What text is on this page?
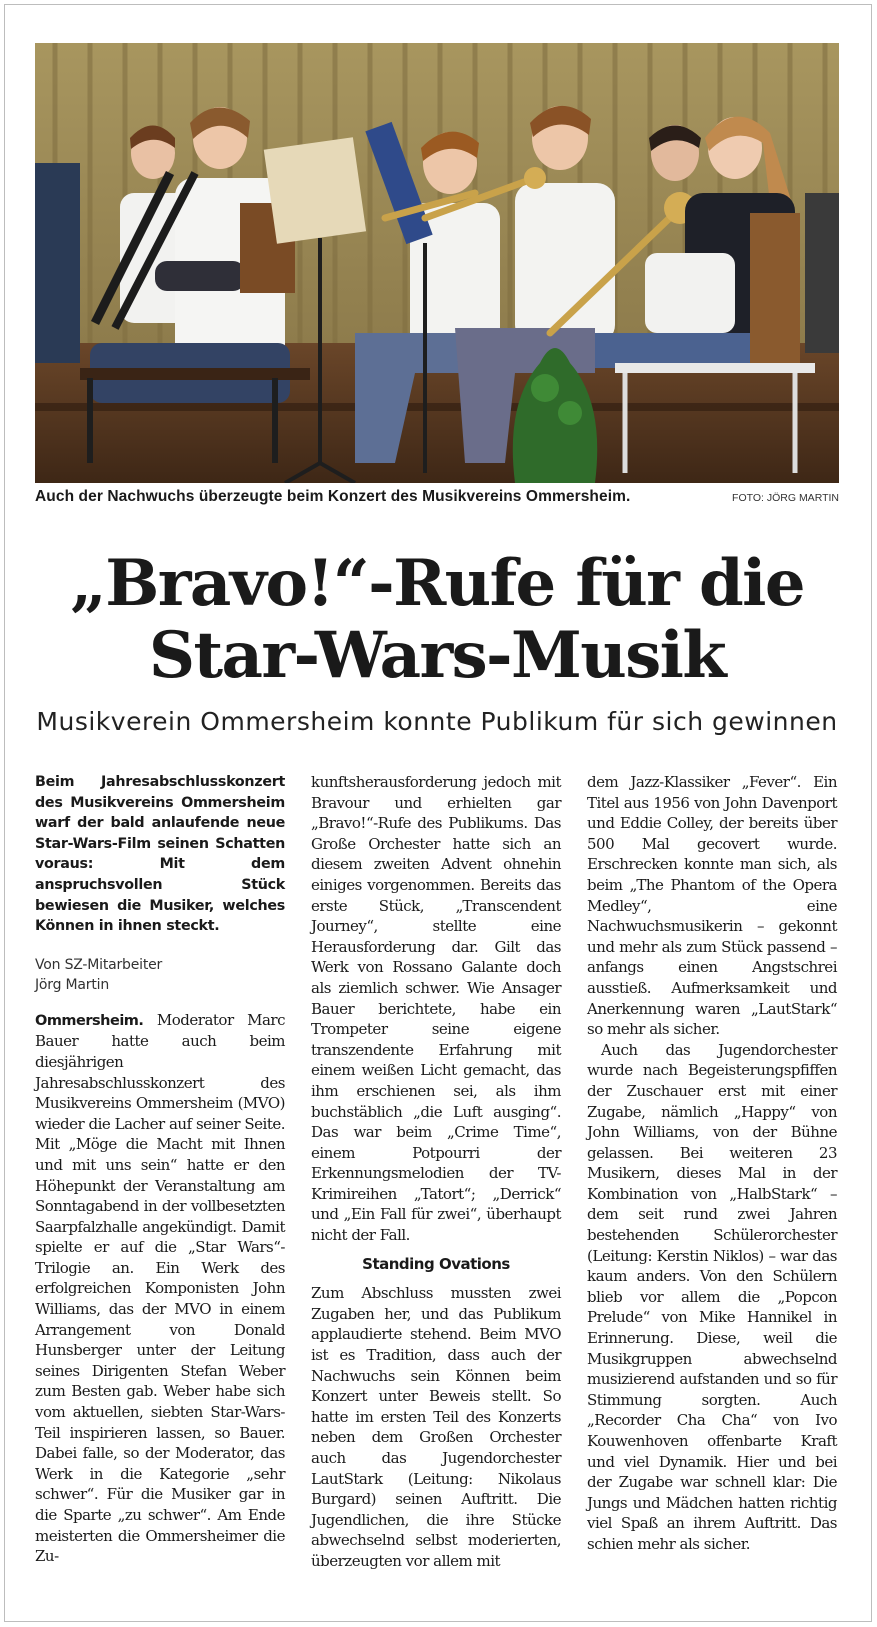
Auch der Nachwuchs überzeugte beim Konzert des Musikvereins Ommersheim.	FOTO: JÖRG MARTIN
„Bravo!“-Rufe für die
Star-Wars-Musik
Musikverein Ommersheim konnte Publikum für sich gewinnen

Beim Jahresabschlusskonzert des Musikvereins Ommersheim warf der bald anlaufende neue Star-Wars-Film seinen Schatten voraus: Mit dem anspruchsvollen Stück bewiesen die Musiker, welches Können in ihnen steckt.

Von SZ-Mitarbeiter
Jörg Martin

Ommersheim. Moderator Marc Bauer hatte auch beim diesjährigen Jahresabschlusskonzert des Musikvereins Ommersheim (MVO) wieder die Lacher auf seiner Seite. Mit „Möge die Macht mit Ihnen und mit uns sein“ hatte er den Höhepunkt der Veranstaltung am Sonntagabend in der vollbesetzten Saarpfalzhalle angekündigt. Damit spielte er auf die „Star Wars“-Trilogie an. Ein Werk des erfolgreichen Komponisten John Williams, das der MVO in einem Arrangement von Donald Hunsberger unter der Leitung seines Dirigenten Stefan Weber zum Besten gab. Weber habe sich vom aktuellen, siebten Star-Wars-Teil inspirieren lassen, so Bauer. Dabei falle, so der Moderator, das Werk in die Kategorie „sehr schwer“. Für die Musiker gar in die Sparte „zu schwer“. Am Ende meisterten die Ommersheimer die Zu-

kunftsherausforderung jedoch mit Bravour und erhielten gar „Bravo!“-Rufe des Publikums. Das Große Orchester hatte sich an diesem zweiten Advent ohnehin einiges vorgenommen. Bereits das erste Stück, „Transcendent Journey“, stellte eine Herausforderung dar. Gilt das Werk von Rossano Galante doch als ziemlich schwer. Wie Ansager Bauer berichtete, habe ein Trompeter seine eigene transzendente Erfahrung mit einem weißen Licht gemacht, das ihm erschienen sei, als ihm buchstäblich „die Luft ausging“. Das war beim „Crime Time“, einem Potpourri der Erkennungsmelodien der TV-Krimireihen „Tatort“; „Derrick“ und „Ein Fall für zwei“, überhaupt nicht der Fall.

Standing Ovations

Zum Abschluss mussten zwei Zugaben her, und das Publikum applaudierte stehend. Beim MVO ist es Tradition, dass auch der Nachwuchs sein Können beim Konzert unter Beweis stellt. So hatte im ersten Teil des Konzerts neben dem Großen Orchester auch das Jugendorchester LautStark (Leitung: Nikolaus Burgard) seinen Auftritt. Die Jugendlichen, die ihre Stücke abwechselnd selbst moderierten, überzeugten vor allem mit

dem Jazz-Klassiker „Fever“. Ein Titel aus 1956 von John Davenport und Eddie Colley, der bereits über 500 Mal gecovert wurde. Erschrecken konnte man sich, als beim „The Phantom of the Opera Medley“, eine Nachwuchsmusikerin – gekonnt und mehr als zum Stück passend – anfangs einen Angstschrei ausstieß. Aufmerksamkeit und Anerkennung waren „LautStark“ so mehr als sicher.

Auch das Jugendorchester wurde nach Begeisterungspfiffen der Zuschauer erst mit einer Zugabe, nämlich „Happy“ von John Williams, von der Bühne gelassen. Bei weiteren 23 Musikern, dieses Mal in der Kombination von „HalbStark“ – dem seit rund zwei Jahren bestehenden Schülerorchester (Leitung: Kerstin Niklos) – war das kaum anders. Von den Schülern blieb vor allem die „Popcon Prelude“ von Mike Hannikel in Erinnerung. Diese, weil die Musikgruppen abwechselnd musizierend aufstanden und so für Stimmung sorgten. Auch „Recorder Cha Cha“ von Ivo Kouwenhoven offenbarte Kraft und viel Dynamik. Hier und bei der Zugabe war schnell klar: Die Jungs und Mädchen hatten richtig viel Spaß an ihrem Auftritt. Das schien mehr als sicher.
